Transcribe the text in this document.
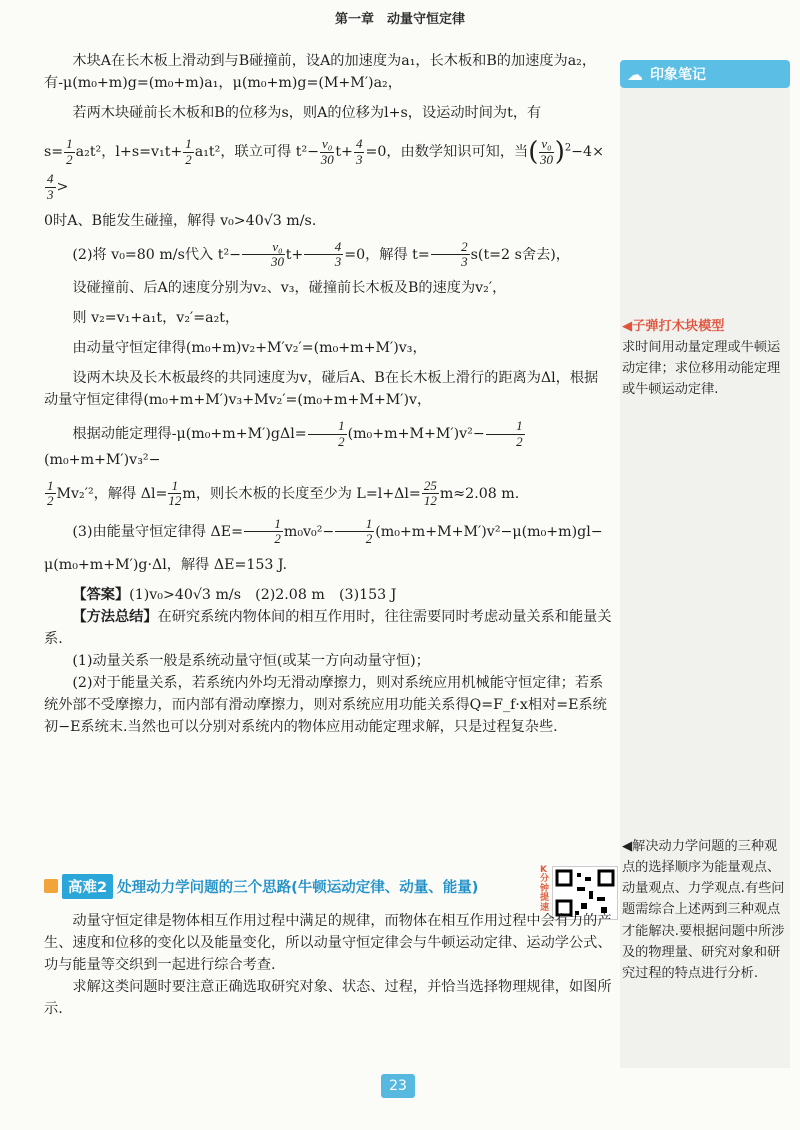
第一章　动量守恒定律
☁ 印象笔记
◀子弹打木块模型
求时间用动量定理或牛顿运动定律；求位移用动能定理或牛顿运动定律.
◀解决动力学问题的三种观点的选择顺序为能量观点、动量观点、力学观点.有些问题需综合上述两到三种观点才能解决.要根据问题中所涉及的物理量、研究对象和研究过程的特点进行分析.

木块A在长木板上滑动到与B碰撞前，设A的加速度为a₁，长木板和B的加速度为a₂，有-μ(m₀+m)g=(m₀+m)a₁，μ(m₀+m)g=(M+M′)a₂，

若两木块碰前长木板和B的位移为s，则A的位移为l+s，设运动时间为t，有

$s= \frac{1}{2} a_2t^2$，$l+s=v_1t+ \frac{1}{2} a_1t^2$，联立可得 $t^2- \frac{\text{v₀}}{30} t+ \frac{4}{3} =0$，由数学知识可知，当( $\frac{\text{v₀}}{30} )^2-4\times$
$\frac{4}{3}$ >

0时A、B能发生碰撞，解得 v₀>40√3 m/s.

(2)将 v₀=80 m/s代入 $t^2- \frac{\text{v₀}}{30} t+ \frac{4}{3} =0$，解得 $t= \frac{2}{3} s(t=2$ s舍去)，

设碰撞前、后A的速度分别为v₂、v₃，碰撞前长木板及B的速度为v₂′，

则 v₂=v₁+a₁t，v₂′=a₂t，

由动量守恒定律得(m₀+m)v₂+M′v₂′=(m₀+m+M′)v₃，

设两木块及长木板最终的共同速度为v，碰后A、B在长木板上滑行的距离为Δl，根据动量守恒定律得(m₀+m+M′)v₃+Mv₂′=(m₀+m+M+M′)v，

根据动能定理得$-\mu(m_0+m+M')g\Delta l= \frac{1}{2} (m_0+m+M+M')v^2- \frac{1}{2}$
(m₀+m+M′)v₃²−

$\frac{1}{2} Mv_2'^2$，解得 $\Delta l= \frac{1}{12}$ m，则长木板的长度至少为 $L=l+\Delta l= \frac{25}{12} m\approx 2.08$ m.

(3)由能量守恒定律得 $\Delta E= \frac{1}{2} m_0v_0^2- \frac{1}{2} (m_0+m+M+M')v^2-\mu(m_0+m)gl-$

μ(m₀+m+M′)g·Δl，解得 ΔE=153 J.

【答案】(1)v₀>40√3 m/s　(2)2.08 m　(3)153 J

【方法总结】在研究系统内物体间的相互作用时，往往需要同时考虑动量关系和能量关系.

(1)动量关系一般是系统动量守恒(或某一方向动量守恒)；

(2)对于能量关系，若系统内外均无滑动摩擦力，则对系统应用机械能守恒定律；若系统外部不受摩擦力，而内部有滑动摩擦力，则对系统应用功能关系得Q=F_f·x相对=E系统初−E系统末.当然也可以分别对系统内的物体应用动能定理求解，只是过程复杂些.

高难2 处理动力学问题的三个思路(牛顿运动定律、动量、能量)
K分钟提速

动量守恒定律是物体相互作用过程中满足的规律，而物体在相互作用过程中会有力的产生、速度和位移的变化以及能量变化，所以动量守恒定律会与牛顿运动定律、运动学公式、功与能量等交织到一起进行综合考查.

求解这类问题时要注意正确选取研究对象、状态、过程，并恰当选择物理规律，如图所示.

23
